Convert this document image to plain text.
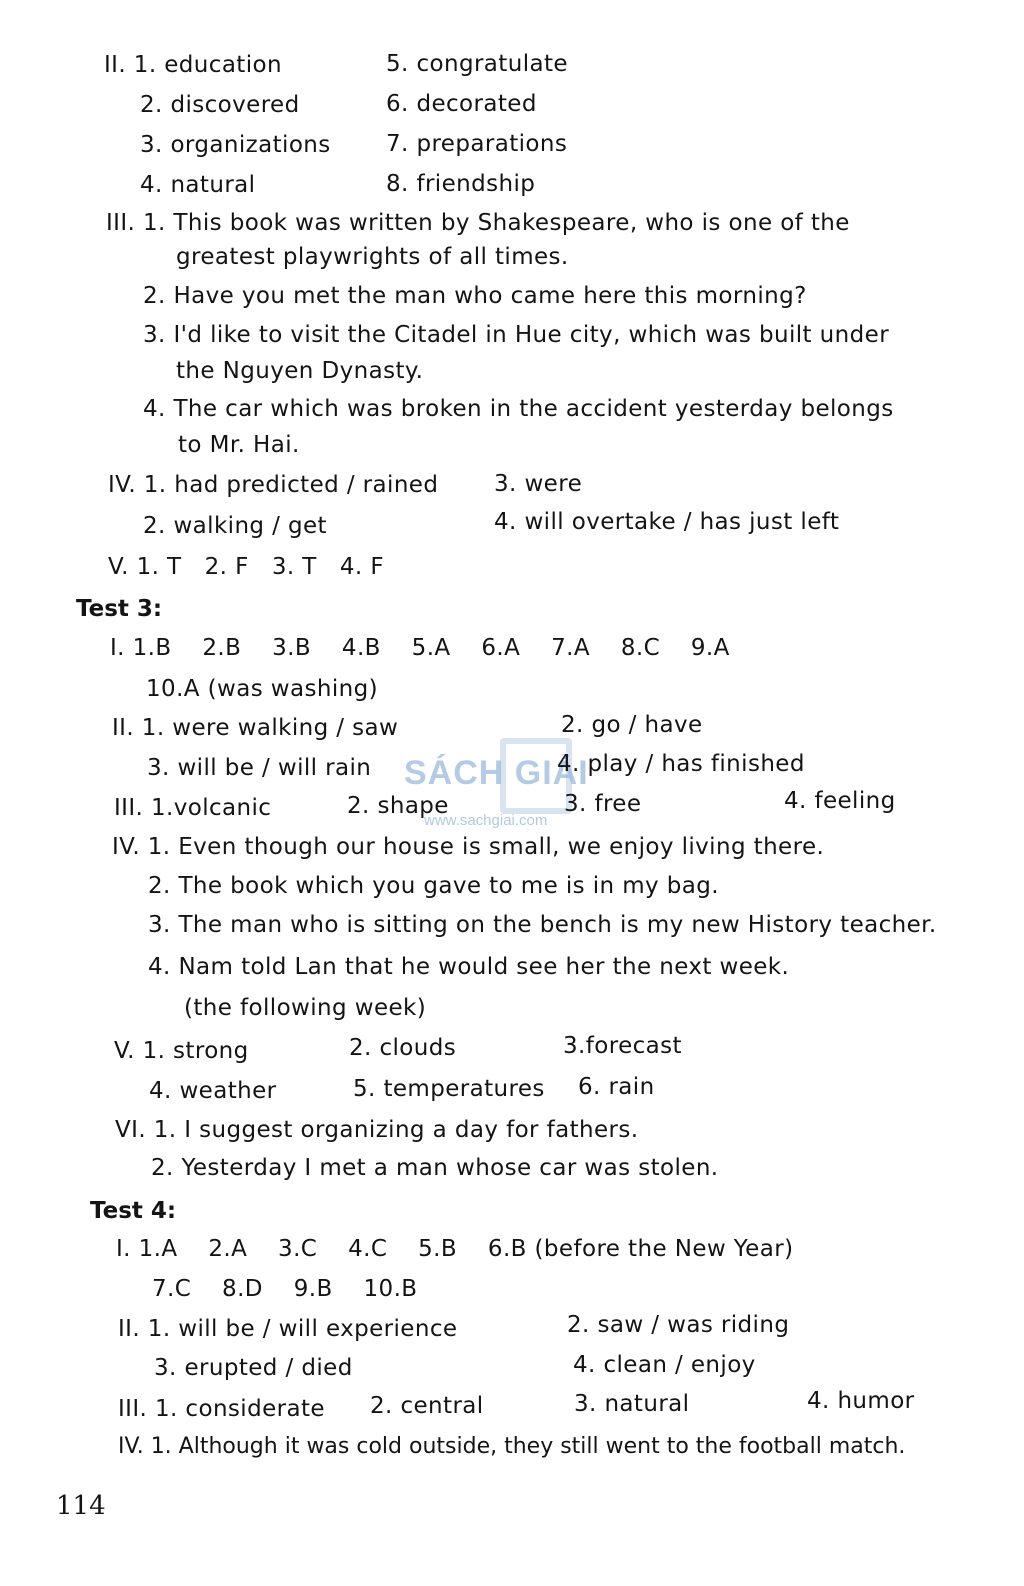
SÁCH GIẢI
www.sachgiai.com
II. 1. education	5. congratulate
2. discovered	6. decorated
3. organizations 7. preparations
4. natural	8. friendship
III. 1. This book was written by Shakespeare, who is one of the
greatest playwrights of all times.
2. Have you met the man who came here this morning?
3. I'd like to visit the Citadel in Hue city, which was built under
the Nguyen Dynasty.
4. The car which was broken in the accident yesterday belongs
to Mr. Hai.
IV. 1. had predicted / rained 3. were
2. walking / get	4. will overtake / has just left
V. 1. T   2. F   3. T   4. F
Test 3:
I. 1.B    2.B    3.B    4.B    5.A    6.A    7.A    8.C    9.A
10.A (was washing)
II. 1. were walking / saw	2. go / have
3. will be / will rain	4. play / has finished
III. 1.volcanic	2. shape	3. free	4. feeling
IV. 1. Even though our house is small, we enjoy living there.
2. The book which you gave to me is in my bag.
3. The man who is sitting on the bench is my new History teacher.
4. Nam told Lan that he would see her the next week.
(the following week)
V. 1. strong	2. clouds	3.forecast
4. weather	5. temperatures 6. rain
VI. 1. I suggest organizing a day for fathers.
2. Yesterday I met a man whose car was stolen.
Test 4:
I. 1.A    2.A    3.C    4.C    5.B    6.B (before the New Year)
7.C    8.D    9.B    10.B
II. 1. will be / will experience	2. saw / was riding
3. erupted / died	4. clean / enjoy
III. 1. considerate 2. central	3. natural	4. humor
IV. 1. Although it was cold outside, they still went to the football match.
114
